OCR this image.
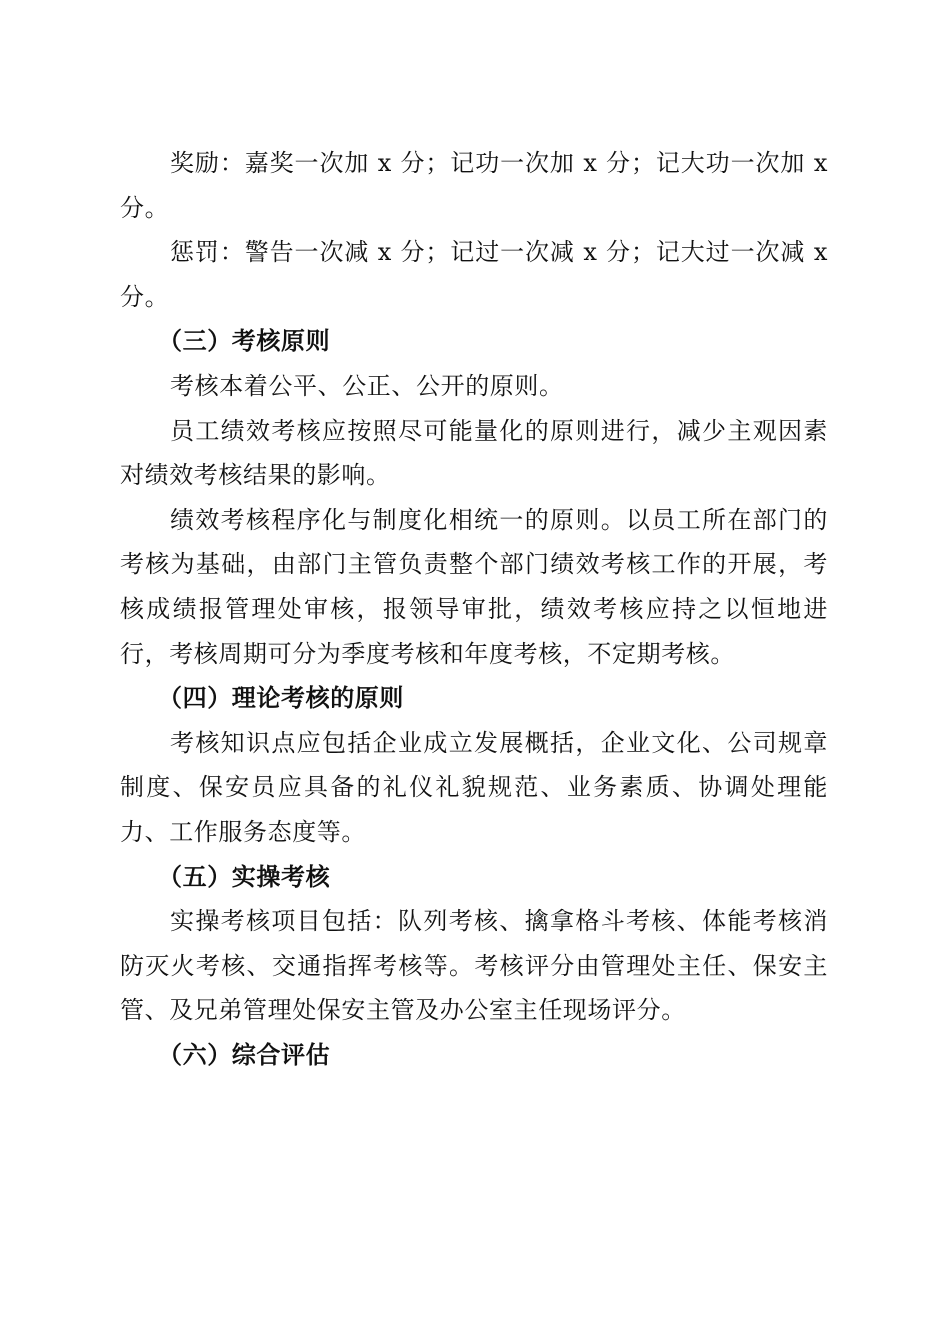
奖励：嘉奖一次加 x 分；记功一次加 x 分；记大功一次加 x 分。

惩罚：警告一次减 x 分；记过一次减 x 分；记大过一次减 x 分。

（三）考核原则

考核本着公平、公正、公开的原则。

员工绩效考核应按照尽可能量化的原则进行，减少主观因素对绩效考核结果的影响。

绩效考核程序化与制度化相统一的原则。以员工所在部门的考核为基础，由部门主管负责整个部门绩效考核工作的开展，考核成绩报管理处审核，报领导审批，绩效考核应持之以恒地进行，考核周期可分为季度考核和年度考核，不定期考核。

（四）理论考核的原则

考核知识点应包括企业成立发展概括，企业文化、公司规章制度、保安员应具备的礼仪礼貌规范、业务素质、协调处理能力、工作服务态度等。

（五）实操考核

实操考核项目包括：队列考核、擒拿格斗考核、体能考核消防灭火考核、交通指挥考核等。考核评分由管理处主任、保安主管、及兄弟管理处保安主管及办公室主任现场评分。

（六）综合评估
